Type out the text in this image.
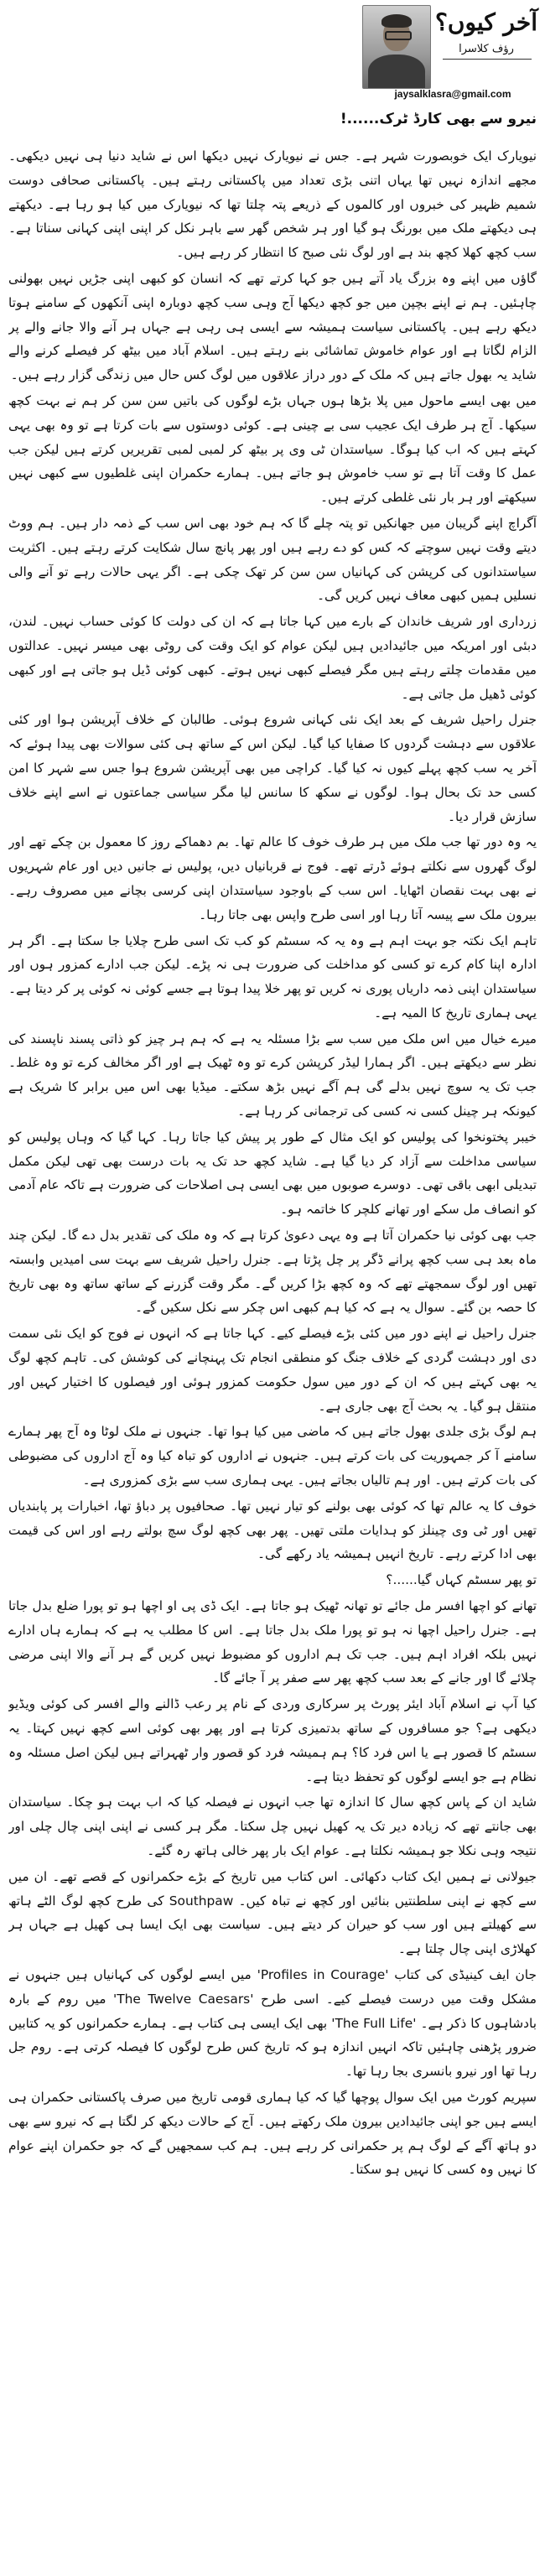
آخر کیوں؟
رؤف کلاسرا
jaysalklasra@gmail.com
نیرو سے بھی کارڈ ٹرک......!

نیویارک ایک خوبصورت شہر ہے۔ جس نے نیویارک نہیں دیکھا اس نے شاید دنیا ہی نہیں دیکھی۔ مجھے اندازہ نہیں تھا یہاں اتنی بڑی تعداد میں پاکستانی رہتے ہیں۔ پاکستانی صحافی دوست شمیم ظہیر کی خبروں اور کالموں کے ذریعے پتہ چلتا تھا کہ نیویارک میں کیا ہو رہا ہے۔ دیکھتے ہی دیکھتے ملک میں بورنگ ہو گیا اور ہر شخص گھر سے باہر نکل کر اپنی اپنی کہانی سناتا ہے۔ سب کچھ کھلا کچھ بند ہے اور لوگ نئی صبح کا انتظار کر رہے ہیں۔

گاؤں میں اپنے وہ بزرگ یاد آتے ہیں جو کہا کرتے تھے کہ انسان کو کبھی اپنی جڑیں نہیں بھولنی چاہئیں۔ ہم نے اپنے بچپن میں جو کچھ دیکھا آج وہی سب کچھ دوبارہ اپنی آنکھوں کے سامنے ہوتا دیکھ رہے ہیں۔ پاکستانی سیاست ہمیشہ سے ایسی ہی رہی ہے جہاں ہر آنے والا جانے والے پر الزام لگاتا ہے اور عوام خاموش تماشائی بنے رہتے ہیں۔ اسلام آباد میں بیٹھ کر فیصلے کرنے والے شاید یہ بھول جاتے ہیں کہ ملک کے دور دراز علاقوں میں لوگ کس حال میں زندگی گزار رہے ہیں۔

میں بھی ایسے ماحول میں پلا بڑھا ہوں جہاں بڑے لوگوں کی باتیں سن سن کر ہم نے بہت کچھ سیکھا۔ آج ہر طرف ایک عجیب سی بے چینی ہے۔ کوئی دوستوں سے بات کرتا ہے تو وہ بھی یہی کہتے ہیں کہ اب کیا ہوگا۔ سیاستدان ٹی وی پر بیٹھ کر لمبی لمبی تقریریں کرتے ہیں لیکن جب عمل کا وقت آتا ہے تو سب خاموش ہو جاتے ہیں۔ ہمارے حکمران اپنی غلطیوں سے کبھی نہیں سیکھتے اور ہر بار نئی غلطی کرتے ہیں۔

آگراچ اپنے گریبان میں جھانکیں تو پتہ چلے گا کہ ہم خود بھی اس سب کے ذمہ دار ہیں۔ ہم ووٹ دیتے وقت نہیں سوچتے کہ کس کو دے رہے ہیں اور پھر پانچ سال شکایت کرتے رہتے ہیں۔ اکثریت سیاستدانوں کی کرپشن کی کہانیاں سن سن کر تھک چکی ہے۔ اگر یہی حالات رہے تو آنے والی نسلیں ہمیں کبھی معاف نہیں کریں گی۔

زرداری اور شریف خاندان کے بارے میں کہا جاتا ہے کہ ان کی دولت کا کوئی حساب نہیں۔ لندن، دبئی اور امریکہ میں جائیدادیں ہیں لیکن عوام کو ایک وقت کی روٹی بھی میسر نہیں۔ عدالتوں میں مقدمات چلتے رہتے ہیں مگر فیصلے کبھی نہیں ہوتے۔ کبھی کوئی ڈیل ہو جاتی ہے اور کبھی کوئی ڈھیل مل جاتی ہے۔

جنرل راحیل شریف کے بعد ایک نئی کہانی شروع ہوئی۔ طالبان کے خلاف آپریشن ہوا اور کئی علاقوں سے دہشت گردوں کا صفایا کیا گیا۔ لیکن اس کے ساتھ ہی کئی سوالات بھی پیدا ہوئے کہ آخر یہ سب کچھ پہلے کیوں نہ کیا گیا۔ کراچی میں بھی آپریشن شروع ہوا جس سے شہر کا امن کسی حد تک بحال ہوا۔ لوگوں نے سکھ کا سانس لیا مگر سیاسی جماعتوں نے اسے اپنے خلاف سازش قرار دیا۔

یہ وہ دور تھا جب ملک میں ہر طرف خوف کا عالم تھا۔ بم دھماکے روز کا معمول بن چکے تھے اور لوگ گھروں سے نکلتے ہوئے ڈرتے تھے۔ فوج نے قربانیاں دیں، پولیس نے جانیں دیں اور عام شہریوں نے بھی بہت نقصان اٹھایا۔ اس سب کے باوجود سیاستدان اپنی کرسی بچانے میں مصروف رہے۔ بیرون ملک سے پیسہ آتا رہا اور اسی طرح واپس بھی جاتا رہا۔

تاہم ایک نکتہ جو بہت اہم ہے وہ یہ کہ سسٹم کو کب تک اسی طرح چلایا جا سکتا ہے۔ اگر ہر ادارہ اپنا کام کرے تو کسی کو مداخلت کی ضرورت ہی نہ پڑے۔ لیکن جب ادارے کمزور ہوں اور سیاستدان اپنی ذمہ داریاں پوری نہ کریں تو پھر خلا پیدا ہوتا ہے جسے کوئی نہ کوئی پر کر دیتا ہے۔ یہی ہماری تاریخ کا المیہ ہے۔

میرے خیال میں اس ملک میں سب سے بڑا مسئلہ یہ ہے کہ ہم ہر چیز کو ذاتی پسند ناپسند کی نظر سے دیکھتے ہیں۔ اگر ہمارا لیڈر کرپشن کرے تو وہ ٹھیک ہے اور اگر مخالف کرے تو وہ غلط۔ جب تک یہ سوچ نہیں بدلے گی ہم آگے نہیں بڑھ سکتے۔ میڈیا بھی اس میں برابر کا شریک ہے کیونکہ ہر چینل کسی نہ کسی کی ترجمانی کر رہا ہے۔

خیبر پختونخوا کی پولیس کو ایک مثال کے طور پر پیش کیا جاتا رہا۔ کہا گیا کہ وہاں پولیس کو سیاسی مداخلت سے آزاد کر دیا گیا ہے۔ شاید کچھ حد تک یہ بات درست بھی تھی لیکن مکمل تبدیلی ابھی باقی تھی۔ دوسرے صوبوں میں بھی ایسی ہی اصلاحات کی ضرورت ہے تاکہ عام آدمی کو انصاف مل سکے اور تھانے کلچر کا خاتمہ ہو۔

جب بھی کوئی نیا حکمران آتا ہے وہ یہی دعویٰ کرتا ہے کہ وہ ملک کی تقدیر بدل دے گا۔ لیکن چند ماہ بعد ہی سب کچھ پرانے ڈگر پر چل پڑتا ہے۔ جنرل راحیل شریف سے بہت سی امیدیں وابستہ تھیں اور لوگ سمجھتے تھے کہ وہ کچھ بڑا کریں گے۔ مگر وقت گزرنے کے ساتھ ساتھ وہ بھی تاریخ کا حصہ بن گئے۔ سوال یہ ہے کہ کیا ہم کبھی اس چکر سے نکل سکیں گے۔

جنرل راحیل نے اپنے دور میں کئی بڑے فیصلے کیے۔ کہا جاتا ہے کہ انہوں نے فوج کو ایک نئی سمت دی اور دہشت گردی کے خلاف جنگ کو منطقی انجام تک پہنچانے کی کوشش کی۔ تاہم کچھ لوگ یہ بھی کہتے ہیں کہ ان کے دور میں سول حکومت کمزور ہوئی اور فیصلوں کا اختیار کہیں اور منتقل ہو گیا۔ یہ بحث آج بھی جاری ہے۔

ہم لوگ بڑی جلدی بھول جاتے ہیں کہ ماضی میں کیا ہوا تھا۔ جنہوں نے ملک لوٹا وہ آج پھر ہمارے سامنے آ کر جمہوریت کی بات کرتے ہیں۔ جنہوں نے اداروں کو تباہ کیا وہ آج اداروں کی مضبوطی کی بات کرتے ہیں۔ اور ہم تالیاں بجاتے ہیں۔ یہی ہماری سب سے بڑی کمزوری ہے۔

خوف کا یہ عالم تھا کہ کوئی بھی بولنے کو تیار نہیں تھا۔ صحافیوں پر دباؤ تھا، اخبارات پر پابندیاں تھیں اور ٹی وی چینلز کو ہدایات ملتی تھیں۔ پھر بھی کچھ لوگ سچ بولتے رہے اور اس کی قیمت بھی ادا کرتے رہے۔ تاریخ انہیں ہمیشہ یاد رکھے گی۔

تو پھر سسٹم کہاں گیا......؟

تھانے کو اچھا افسر مل جائے تو تھانہ ٹھیک ہو جاتا ہے۔ ایک ڈی پی او اچھا ہو تو پورا ضلع بدل جاتا ہے۔ جنرل راحیل اچھا نہ ہو تو پورا ملک بدل جاتا ہے۔ اس کا مطلب یہ ہے کہ ہمارے ہاں ادارے نہیں بلکہ افراد اہم ہیں۔ جب تک ہم اداروں کو مضبوط نہیں کریں گے ہر آنے والا اپنی مرضی چلائے گا اور جانے کے بعد سب کچھ پھر سے صفر پر آ جائے گا۔

کیا آپ نے اسلام آباد ایئر پورٹ پر سرکاری وردی کے نام پر رعب ڈالنے والے افسر کی کوئی ویڈیو دیکھی ہے؟ جو مسافروں کے ساتھ بدتمیزی کرتا ہے اور پھر بھی کوئی اسے کچھ نہیں کہتا۔ یہ سسٹم کا قصور ہے یا اس فرد کا؟ ہم ہمیشہ فرد کو قصور وار ٹھہراتے ہیں لیکن اصل مسئلہ وہ نظام ہے جو ایسے لوگوں کو تحفظ دیتا ہے۔

شاید ان کے پاس کچھ سال کا اندازہ تھا جب انہوں نے فیصلہ کیا کہ اب بہت ہو چکا۔ سیاستدان بھی جانتے تھے کہ زیادہ دیر تک یہ کھیل نہیں چل سکتا۔ مگر ہر کسی نے اپنی اپنی چال چلی اور نتیجہ وہی نکلا جو ہمیشہ نکلتا ہے۔ عوام ایک بار پھر خالی ہاتھ رہ گئے۔

جیولانی نے ہمیں ایک کتاب دکھائی۔ اس کتاب میں تاریخ کے بڑے حکمرانوں کے قصے تھے۔ ان میں سے کچھ نے اپنی سلطنتیں بنائیں اور کچھ نے تباہ کیں۔ Southpaw کی طرح کچھ لوگ الٹے ہاتھ سے کھیلتے ہیں اور سب کو حیران کر دیتے ہیں۔ سیاست بھی ایک ایسا ہی کھیل ہے جہاں ہر کھلاڑی اپنی چال چلتا ہے۔

جان ایف کینیڈی کی کتاب 'Profiles in Courage' میں ایسے لوگوں کی کہانیاں ہیں جنہوں نے مشکل وقت میں درست فیصلے کیے۔ اسی طرح 'The Twelve Caesars' میں روم کے بارہ بادشاہوں کا ذکر ہے۔ 'The Full Life' بھی ایک ایسی ہی کتاب ہے۔ ہمارے حکمرانوں کو یہ کتابیں ضرور پڑھنی چاہئیں تاکہ انہیں اندازہ ہو کہ تاریخ کس طرح لوگوں کا فیصلہ کرتی ہے۔ روم جل رہا تھا اور نیرو بانسری بجا رہا تھا۔

سپریم کورٹ میں ایک سوال پوچھا گیا کہ کیا ہماری قومی تاریخ میں صرف پاکستانی حکمران ہی ایسے ہیں جو اپنی جائیدادیں بیرون ملک رکھتے ہیں۔ آج کے حالات دیکھ کر لگتا ہے کہ نیرو سے بھی دو ہاتھ آگے کے لوگ ہم پر حکمرانی کر رہے ہیں۔ ہم کب سمجھیں گے کہ جو حکمران اپنے عوام کا نہیں وہ کسی کا نہیں ہو سکتا۔
